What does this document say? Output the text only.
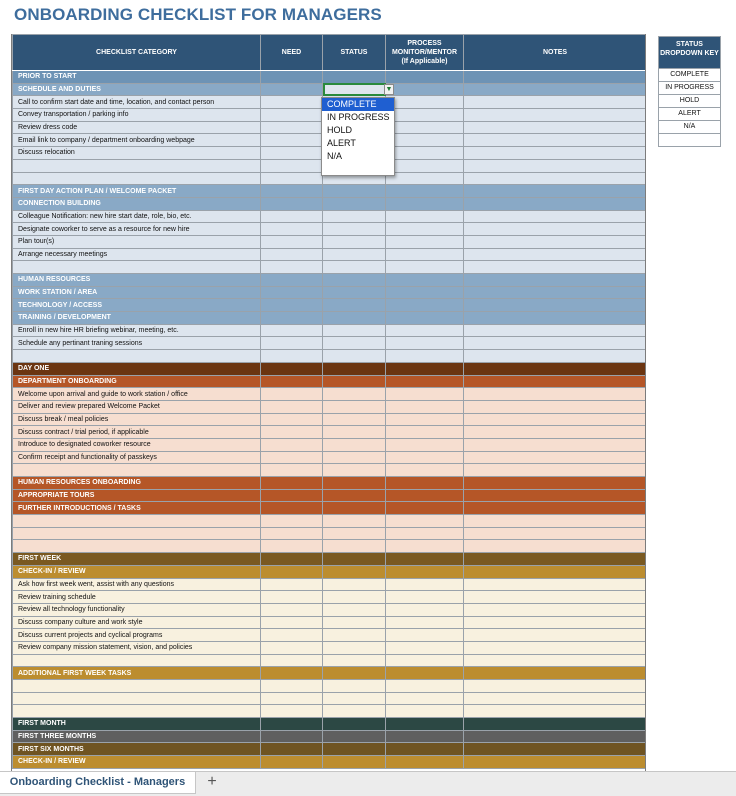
ONBOARDING CHECKLIST FOR MANAGERS
CHECKLIST CATEGORY	NEED	STATUS	PROCESS MONITOR/MENTOR (If Applicable)	NOTES
PRIOR TO START				
SCHEDULE AND DUTIES				
Call to confirm start date and time, location, and contact person				
Convey transportation / parking info				
Review dress code				
Email link to company / department onboarding webpage				
Discuss relocation				

FIRST DAY ACTION PLAN / WELCOME PACKET				
CONNECTION BUILDING				
Colleague Notification: new hire start date, role, bio, etc.				
Designate coworker to serve as a resource for new hire				
Plan tour(s)				
Arrange necessary meetings				

HUMAN RESOURCES				
WORK STATION / AREA				
TECHNOLOGY / ACCESS				
TRAINING / DEVELOPMENT				
Enroll in new hire HR briefing webinar, meeting, etc.				
Schedule any pertinant traning sessions				

DAY ONE				
DEPARTMENT ONBOARDING				
Welcome upon arrival and guide to work station / office				
Deliver and review prepared Welcome Packet				
Discuss break / meal policies				
Discuss contract / trial period, if applicable				
Introduce to designated coworker resource				
Confirm receipt and functionality of passkeys				

HUMAN RESOURCES ONBOARDING				
APPROPRIATE TOURS				
FURTHER INTRODUCTIONS / TASKS				

FIRST WEEK				
CHECK-IN / REVIEW				
Ask how first week went, assist with any questions				
Review training schedule				
Review all technology functionality				
Discuss company culture and work style				
Discuss current projects and cyclical programs				
Review company mission statement, vision, and policies				

ADDITIONAL FIRST WEEK TASKS				

FIRST MONTH				
FIRST THREE MONTHS				
FIRST SIX MONTHS				
CHECK-IN / REVIEW				
▼
COMPLETE
IN PROGRESS
HOLD
ALERT
N/A
STATUS DROPDOWN KEY
COMPLETE
IN PROGRESS
HOLD
ALERT
N/A
Onboarding Checklist - Managers	+
